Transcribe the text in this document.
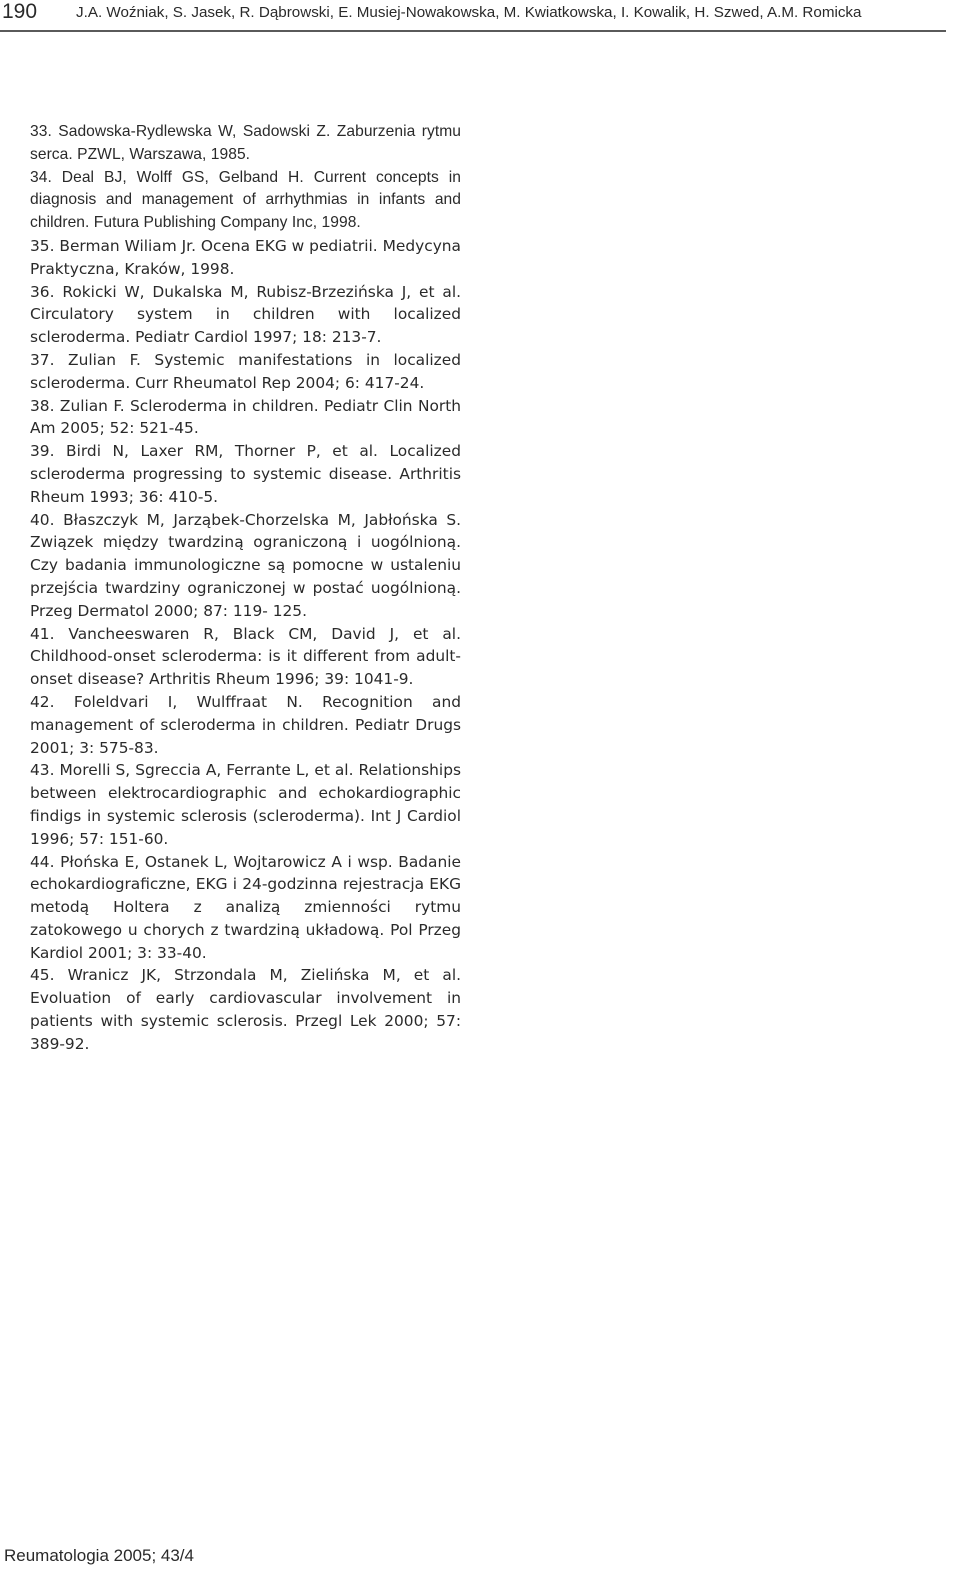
190	J.A. Woźniak, S. Jasek, R. Dąbrowski, E. Musiej-Nowakowska, M. Kwiatkowska, I. Kowalik, H. Szwed, A.M. Romicka
33. Sadowska-Rydlewska W, Sadowski Z. Zaburzenia rytmu serca. PZWL, Warszawa, 1985.
34. Deal BJ, Wolff GS, Gelband H. Current concepts in diagnosis and management of arrhythmias in infants and children. Futura Publishing Company Inc, 1998.
35. Berman Wiliam Jr. Ocena EKG w pediatrii. Medycyna Praktyczna, Kraków, 1998.
36. Rokicki W, Dukalska M, Rubisz-Brzezińska J, et al. Circulatory system in children with localized scleroderma. Pediatr Cardiol 1997; 18: 213-7.
37. Zulian F. Systemic manifestations in localized scleroderma. Curr Rheumatol Rep 2004; 6: 417-24.
38. Zulian F. Scleroderma in children. Pediatr Clin North Am 2005; 52: 521-45.
39. Birdi N, Laxer RM, Thorner P, et al. Localized scleroderma progressing to systemic disease. Arthritis Rheum 1993; 36: 410-5.
40. Błaszczyk M, Jarząbek-Chorzelska M, Jabłońska S. Związek między twardziną ograniczoną i uogólnioną. Czy badania immunologiczne są pomocne w ustaleniu przejścia twardziny ograniczonej w postać uogólnioną. Przeg Dermatol 2000; 87: 119- 125.
41. Vancheeswaren R, Black CM, David J, et al. Childhood-onset scleroderma: is it different from adult-onset disease? Arthritis Rheum 1996; 39: 1041-9.
42. Foleldvari I, Wulffraat N. Recognition and management of scleroderma in children. Pediatr Drugs 2001; 3: 575-83.
43. Morelli S, Sgreccia A, Ferrante L, et al. Relationships between elektrocardiographic and echokardiographic findigs in systemic sclerosis (scleroderma). Int J Cardiol 1996; 57: 151-60.
44. Płońska E, Ostanek L, Wojtarowicz A i wsp. Badanie echokardiograficzne, EKG i 24-godzinna rejestracja EKG metodą Holtera z analizą zmienności rytmu zatokowego u chorych z twardziną układową. Pol Przeg Kardiol 2001; 3: 33-40.
45. Wranicz JK, Strzondala M, Zielińska M, et al. Evoluation of early cardiovascular involvement in patients with systemic sclerosis. Przegl Lek 2000; 57: 389-92.
Reumatologia 2005; 43/4
